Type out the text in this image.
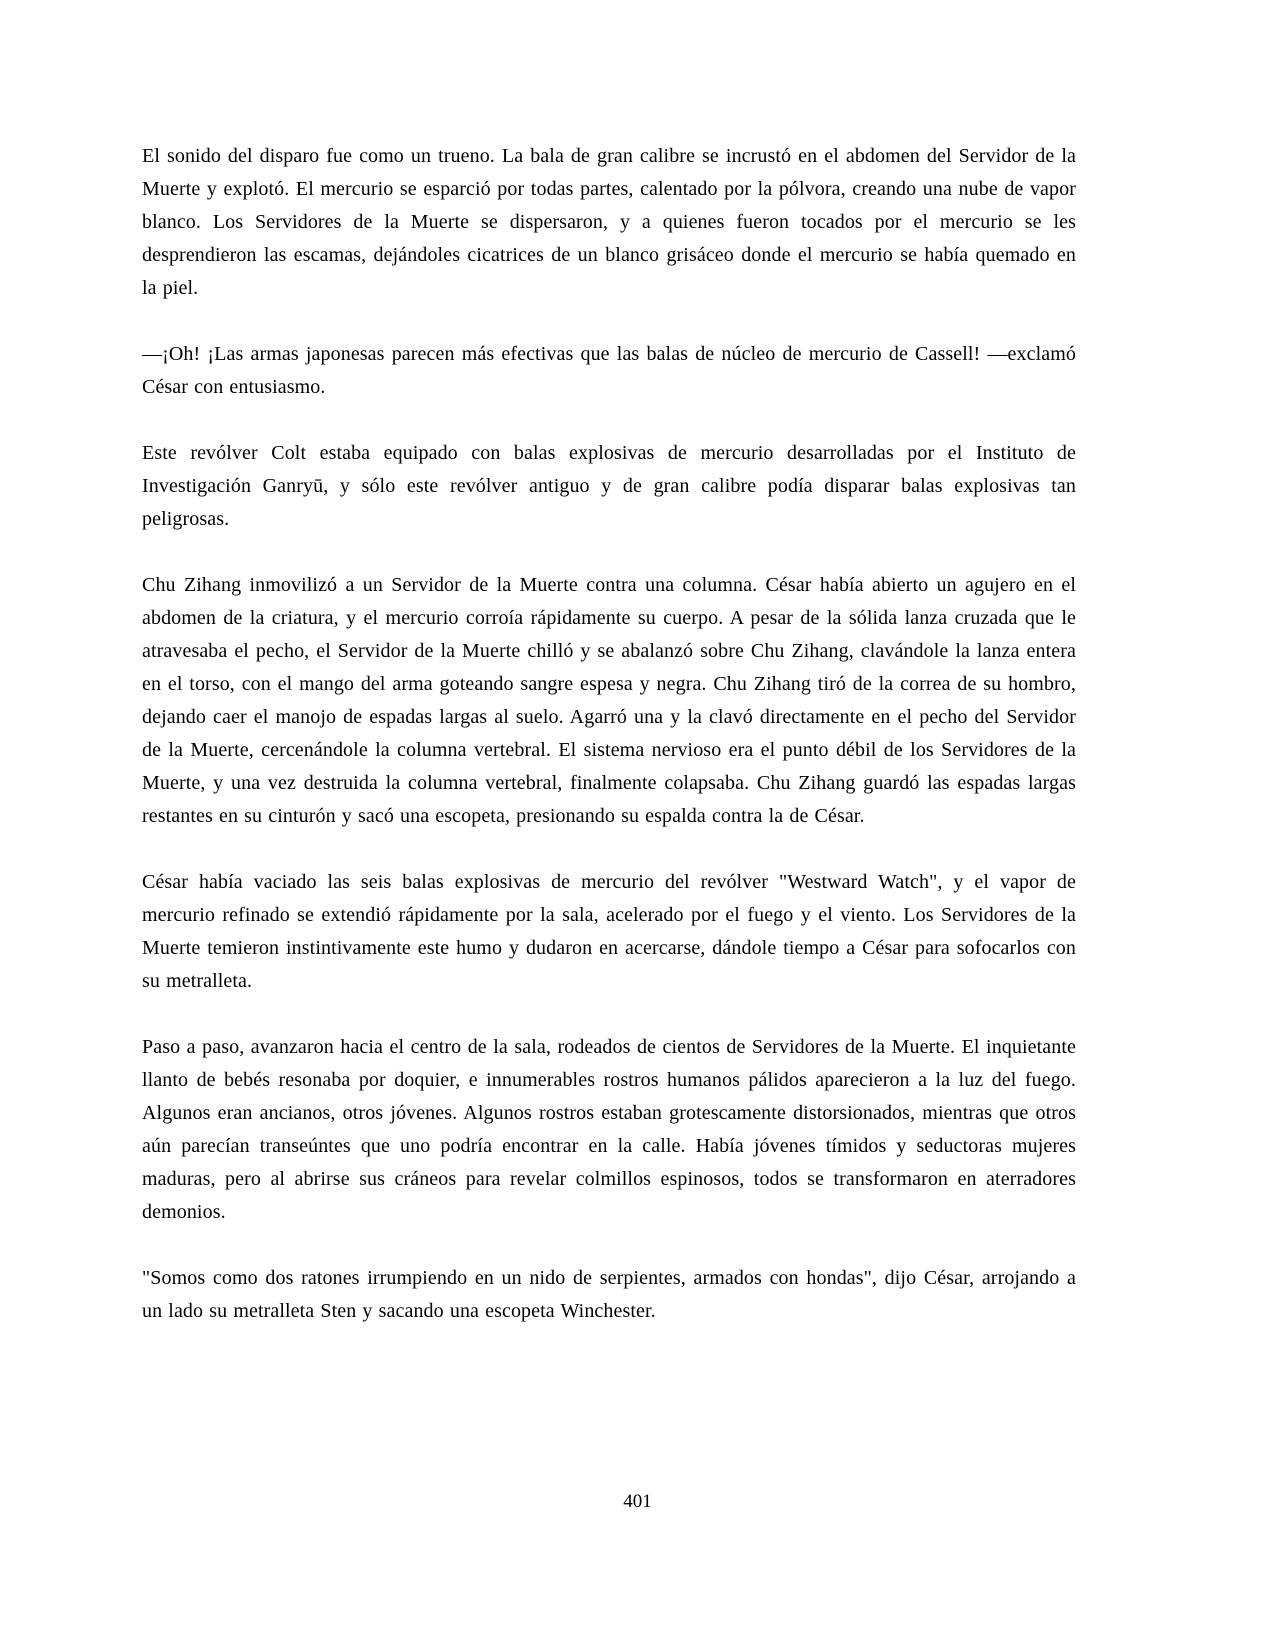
El sonido del disparo fue como un trueno. La bala de gran calibre se incrustó en el abdomen del Servidor de la Muerte y explotó. El mercurio se esparció por todas partes, calentado por la pólvora, creando una nube de vapor blanco. Los Servidores de la Muerte se dispersaron, y a quienes fueron tocados por el mercurio se les desprendieron las escamas, dejándoles cicatrices de un blanco grisáceo donde el mercurio se había quemado en la piel.

—¡Oh! ¡Las armas japonesas parecen más efectivas que las balas de núcleo de mercurio de Cassell! —exclamó César con entusiasmo.

Este revólver Colt estaba equipado con balas explosivas de mercurio desarrolladas por el Instituto de Investigación Ganryū, y sólo este revólver antiguo y de gran calibre podía disparar balas explosivas tan peligrosas.

Chu Zihang inmovilizó a un Servidor de la Muerte contra una columna. César había abierto un agujero en el abdomen de la criatura, y el mercurio corroía rápidamente su cuerpo. A pesar de la sólida lanza cruzada que le atravesaba el pecho, el Servidor de la Muerte chilló y se abalanzó sobre Chu Zihang, clavándole la lanza entera en el torso, con el mango del arma goteando sangre espesa y negra. Chu Zihang tiró de la correa de su hombro, dejando caer el manojo de espadas largas al suelo. Agarró una y la clavó directamente en el pecho del Servidor de la Muerte, cercenándole la columna vertebral. El sistema nervioso era el punto débil de los Servidores de la Muerte, y una vez destruida la columna vertebral, finalmente colapsaba. Chu Zihang guardó las espadas largas restantes en su cinturón y sacó una escopeta, presionando su espalda contra la de César.

César había vaciado las seis balas explosivas de mercurio del revólver "Westward Watch", y el vapor de mercurio refinado se extendió rápidamente por la sala, acelerado por el fuego y el viento. Los Servidores de la Muerte temieron instintivamente este humo y dudaron en acercarse, dándole tiempo a César para sofocarlos con su metralleta.

Paso a paso, avanzaron hacia el centro de la sala, rodeados de cientos de Servidores de la Muerte. El inquietante llanto de bebés resonaba por doquier, e innumerables rostros humanos pálidos aparecieron a la luz del fuego. Algunos eran ancianos, otros jóvenes. Algunos rostros estaban grotescamente distorsionados, mientras que otros aún parecían transeúntes que uno podría encontrar en la calle. Había jóvenes tímidos y seductoras mujeres maduras, pero al abrirse sus cráneos para revelar colmillos espinosos, todos se transformaron en aterradores demonios.

"Somos como dos ratones irrumpiendo en un nido de serpientes, armados con hondas", dijo César, arrojando a un lado su metralleta Sten y sacando una escopeta Winchester.

401
